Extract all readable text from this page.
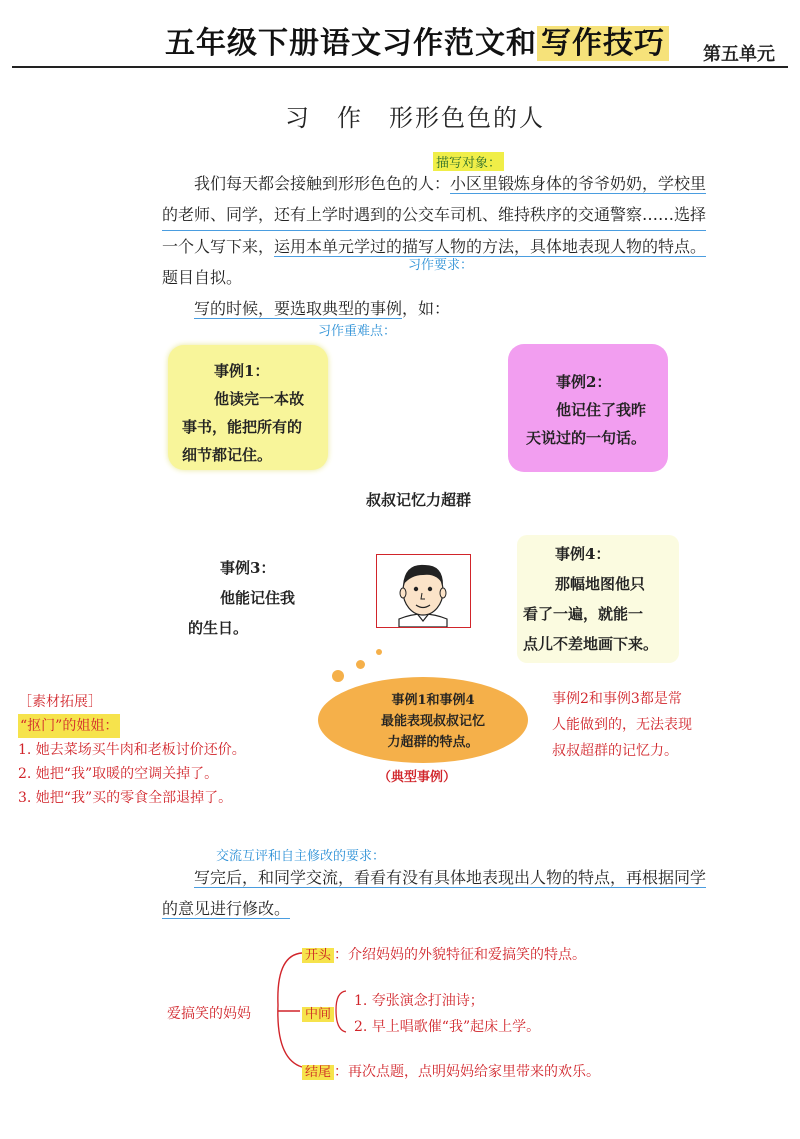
五年级下册语文习作范文和 写作技巧 第五单元
习　作　形形色色的人
描写对象：
我们每天都会接触到形形色色的人：小区里锻炼身体的爷爷奶奶，学校里
的老师、同学，还有上学时遇到的公交车司机、维持秩序的交通警察……选择
一个人写下来，运用本单元学过的描写人物的方法，具体地表现人物的特点。
题目自拟。
习作要求：
写的时候，要选取典型的事例，如：
习作重难点：
事例1：
他读完一本故
事书，能把所有的
细节都记住。
事例2：
他记住了我昨
天说过的一句话。
叔叔记忆力超群
事例3：
他能记住我
的生日。
事例4：
那幅地图他只
看了一遍，就能一
点儿不差地画下来。
事例1和事例4
最能表现叔叔记忆
力超群的特点。
（典型事例）
［素材拓展］
“抠门”的姐姐：
1. 她去菜场买牛肉和老板讨价还价。
2. 她把“我”取暖的空调关掉了。
3. 她把“我”买的零食全部退掉了。
事例2和事例3都是常
人能做到的，无法表现
叔叔超群的记忆力。
交流互评和自主修改的要求：
写完后，和同学交流，看看有没有具体地表现出人物的特点，再根据同学
的意见进行修改。
爱搞笑的妈妈
开头 ：介绍妈妈的外貌特征和爱搞笑的特点。
中间
1. 夸张演念打油诗；
2. 早上唱歌催“我”起床上学。
结尾 ：再次点题，点明妈妈给家里带来的欢乐。
